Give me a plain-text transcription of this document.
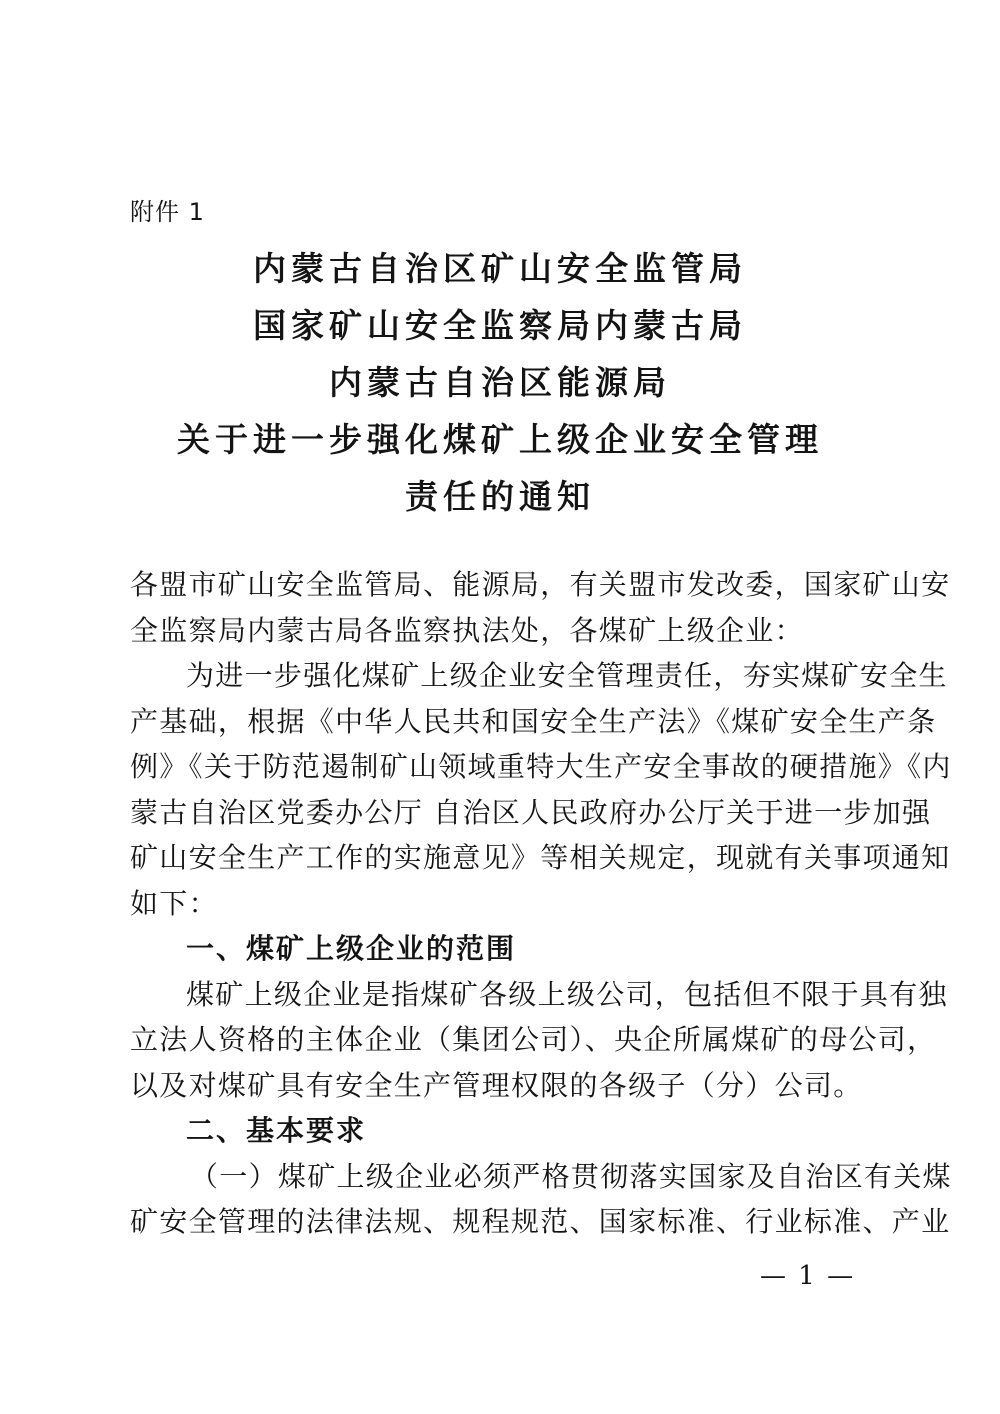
附件 1
内蒙古自治区矿山安全监管局
国家矿山安全监察局内蒙古局
内蒙古自治区能源局
关于进一步强化煤矿上级企业安全管理
责任的通知
各盟市矿山安全监管局、能源局，有关盟市发改委，国家矿山安
全监察局内蒙古局各监察执法处，各煤矿上级企业：
为进一步强化煤矿上级企业安全管理责任，夯实煤矿安全生
产基础，根据《中华人民共和国安全生产法》《煤矿安全生产条
例》《关于防范遏制矿山领域重特大生产安全事故的硬措施》《内
蒙古自治区党委办公厅 自治区人民政府办公厅关于进一步加强
矿山安全生产工作的实施意见》等相关规定，现就有关事项通知
如下：
一、煤矿上级企业的范围
煤矿上级企业是指煤矿各级上级公司，包括但不限于具有独
立法人资格的主体企业（集团公司）、央企所属煤矿的母公司，
以及对煤矿具有安全生产管理权限的各级子（分）公司。
二、基本要求
（一）煤矿上级企业必须严格贯彻落实国家及自治区有关煤
矿安全管理的法律法规、规程规范、国家标准、行业标准、产业
— 1 —
